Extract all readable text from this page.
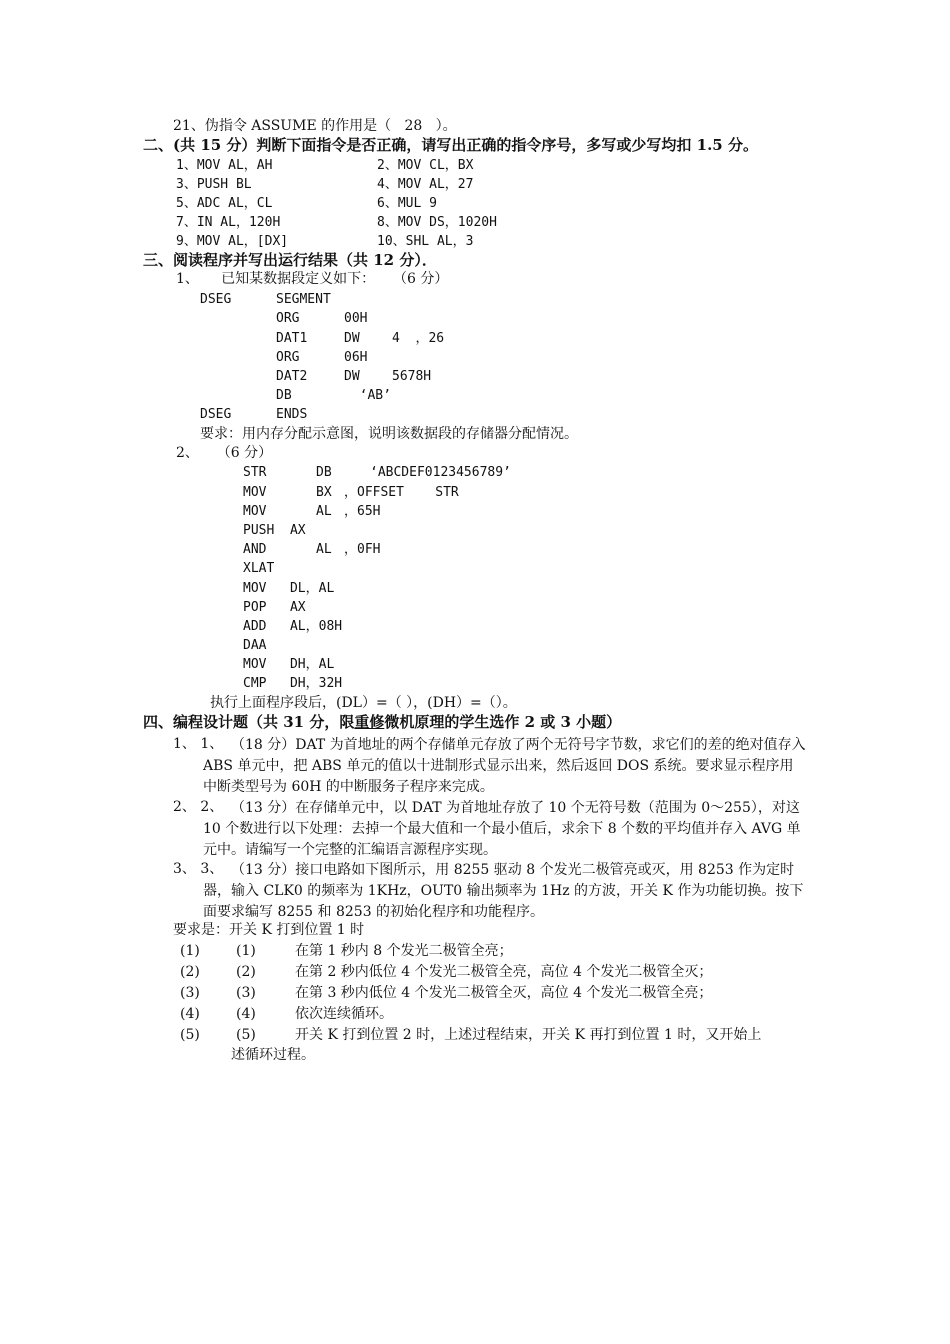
21、伪指令 ASSUME 的作用是（   28   ）。
二、(共 15 分）判断下面指令是否正确，请写出正确的指令序号，多写或少写均扣 1.5 分。
1、MOV AL，AH	2、MOV CL，BX
3、PUSH BL	4、MOV AL，27
5、ADC AL，CL	6、MUL 9
7、IN AL，120H	8、MOV DS，1020H
9、MOV AL，[DX]	10、SHL AL，3
三、阅读程序并写出运行结果（共 12 分）．
1、     已知某数据段定义如下：    （6 分）
DSEG	SEGMENT
ORG	00H
DAT1	DW 4  ，26
ORG	06H
DAT2	DW 5678H
DB	‘AB’
DSEG	ENDS
要求：用内存分配示意图，说明该数据段的存储器分配情况。
2、    （6 分）
STR	DB	‘ABCDEF0123456789’
MOV	BX ，OFFSET    STR
MOV	AL ，65H
PUSH  AX
AND	AL ，0FH
XLAT
MOV   DL，AL
POP   AX
ADD   AL，08H
DAA
MOV   DH，AL
CMP   DH，32H
执行上面程序段后，(DL）=（ ），(DH）=（）。
四、编程设计题（共 31 分，限重修微机原理的学生选作 2 或 3 小题）
1、 1、 （18 分）DAT 为首地址的两个存储单元存放了两个无符号字节数，求它们的差的绝对值存入 ABS 单元中，把 ABS 单元的值以十进制形式显示出来，然后返回 DOS 系统。要求显示程序用中断类型号为 60H 的中断服务子程序来完成。
2、 2、 （13 分）在存储单元中，以 DAT 为首地址存放了 10 个无符号数（范围为 0～255），对这 10 个数进行以下处理：去掉一个最大值和一个最小值后，求余下 8 个数的平均值并存入 AVG 单元中。请编写一个完整的汇编语言源程序实现。
3、 3、 （13 分）接口电路如下图所示，用 8255 驱动 8 个发光二极管亮或灭，用 8253 作为定时器，输入 CLK0 的频率为 1KHz，OUT0 输出频率为 1Hz 的方波，开关 K 作为功能切换。按下面要求编写 8255 和 8253 的初始化程序和功能程序。
要求是：开关 K 打到位置 1 时
(1)	(1)	在第 1 秒内 8 个发光二极管全亮；
(2)	(2)	在第 2 秒内低位 4 个发光二极管全亮，高位 4 个发光二极管全灭；
(3)	(3)	在第 3 秒内低位 4 个发光二极管全灭，高位 4 个发光二极管全亮；
(4)	(4)	依次连续循环。
(5)	(5)	开关 K 打到位置 2 时，上述过程结束，开关 K 再打到位置 1 时，又开始上
述循环过程。
